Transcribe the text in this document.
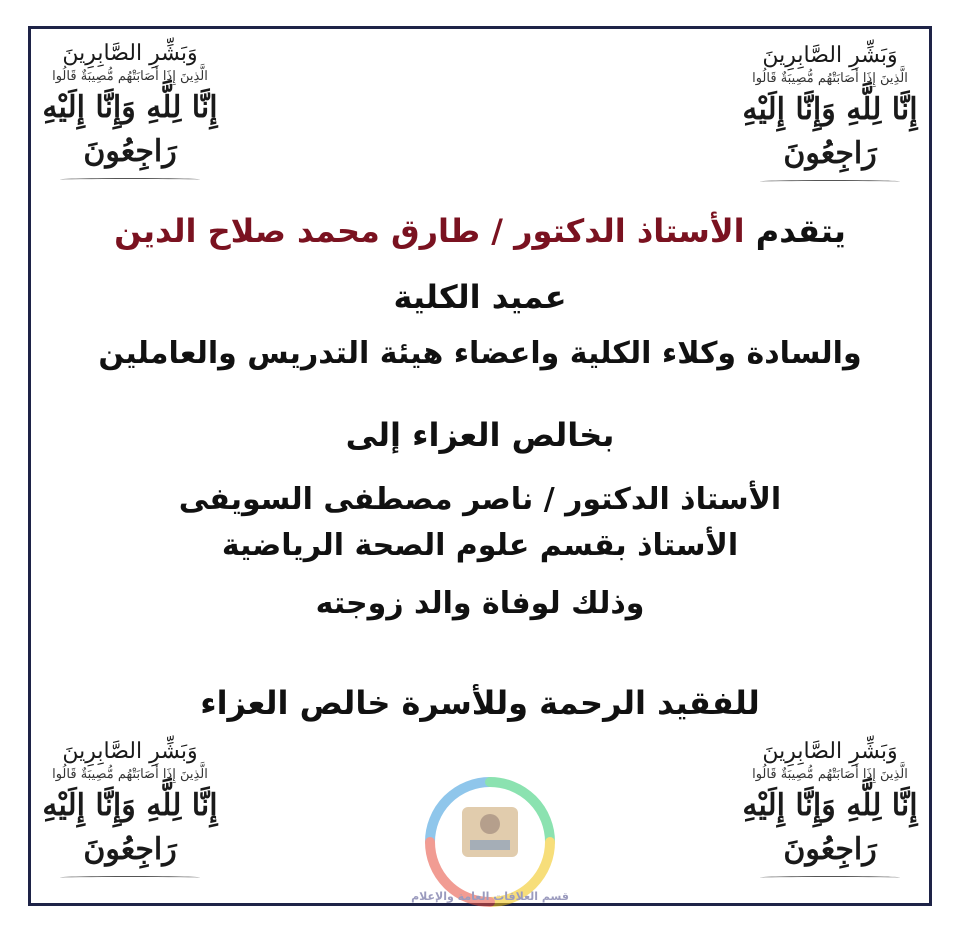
وَبَشِّرِ الصَّابِرِينَ
الَّذِينَ إِذَا أَصَابَتْهُم مُّصِيبَةٌ قَالُوا
إِنَّا لِلَّهِ وَإِنَّا إِلَيْهِ رَاجِعُونَ
وَبَشِّرِ الصَّابِرِينَ
الَّذِينَ إِذَا أَصَابَتْهُم مُّصِيبَةٌ قَالُوا
إِنَّا لِلَّهِ وَإِنَّا إِلَيْهِ رَاجِعُونَ
وَبَشِّرِ الصَّابِرِينَ
الَّذِينَ إِذَا أَصَابَتْهُم مُّصِيبَةٌ قَالُوا
إِنَّا لِلَّهِ وَإِنَّا إِلَيْهِ رَاجِعُونَ
وَبَشِّرِ الصَّابِرِينَ
الَّذِينَ إِذَا أَصَابَتْهُم مُّصِيبَةٌ قَالُوا
إِنَّا لِلَّهِ وَإِنَّا إِلَيْهِ رَاجِعُونَ
يتقدم الأستاذ الدكتور / طارق محمد صلاح الدين
عميد الكلية
والسادة وكلاء الكلية واعضاء هيئة التدريس والعاملين
بخالص العزاء إلى
الأستاذ الدكتور / ناصر مصطفى السويفى
الأستاذ بقسم علوم الصحة الرياضية
وذلك لوفاة والد زوجته
للفقيد الرحمة وللأسرة خالص العزاء
قسم العلاقات العامة والإعلام
